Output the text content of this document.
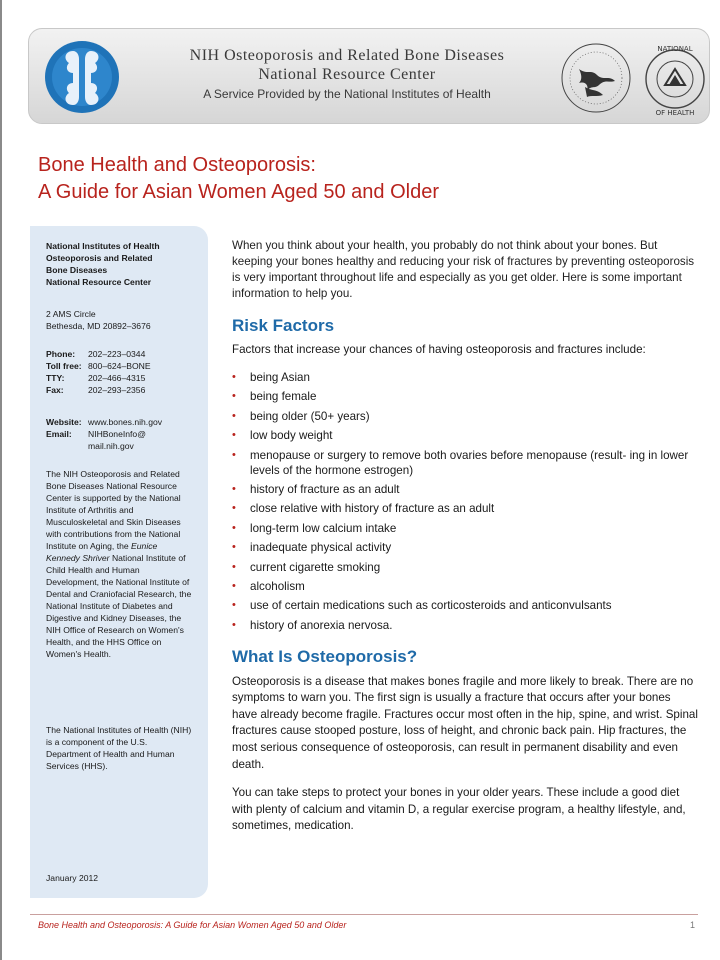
NIH Osteoporosis and Related Bone Diseases
National Resource Center
A Service Provided by the National Institutes of Health
NATIONAL
OF HEALTH
Bone Health and Osteoporosis:
A Guide for Asian Women Aged 50 and Older
National Institutes of Health
Osteoporosis and Related
Bone Diseases
National Resource Center
2 AMS Circle
Bethesda, MD 20892–3676
Phone:	202–223–0344
Toll free: 800–624–BONE
TTY:	202–466–4315
Fax:	202–293–2356
Website: www.bones.nih.gov
Email:	NIHBoneInfo@ mail.nih.gov
The NIH Osteoporosis and Related Bone Diseases National Resource Center is supported by the National Institute of Arthritis and Musculoskeletal and Skin Diseases with contributions from the National Institute on Aging, the Eunice Kennedy Shriver National Institute of Child Health and Human Development, the National Institute of Dental and Craniofacial Research, the National Institute of Diabetes and Digestive and Kidney Diseases, the NIH Office of Research on Women's Health, and the HHS Office on Women's Health.
The National Institutes of Health (NIH) is a component of the U.S. Department of Health and Human Services (HHS).
January 2012

When you think about your health, you probably do not think about your bones. But keeping your bones healthy and reducing your risk of fractures by preventing osteoporosis is very important throughout life and especially as you get older. Here is some important information to help you.

Risk Factors

Factors that increase your chances of having osteoporosis and fractures include:

• being Asian
• being female
• being older (50+ years)
• low body weight
• menopause or surgery to remove both ovaries before menopause (result- ing in lower levels of the hormone estrogen)
• history of fracture as an adult
• close relative with history of fracture as an adult
• long-term low calcium intake
• inadequate physical activity
• current cigarette smoking
• alcoholism
• use of certain medications such as corticosteroids and anticonvulsants
• history of anorexia nervosa.
What Is Osteoporosis?

Osteoporosis is a disease that makes bones fragile and more likely to break. There are no symptoms to warn you. The first sign is usually a fracture that occurs after your bones have already become fragile. Fractures occur most often in the hip, spine, and wrist. Spinal fractures cause stooped posture, loss of height, and chronic back pain. Hip fractures, the most serious consequence of osteoporosis, can result in permanent disability and even death.

You can take steps to protect your bones in your older years. These include a good diet with plenty of calcium and vitamin D, a regular exercise program, a healthy lifestyle, and, sometimes, medication.

Bone Health and Osteoporosis: A Guide for Asian Women Aged 50 and Older	1
